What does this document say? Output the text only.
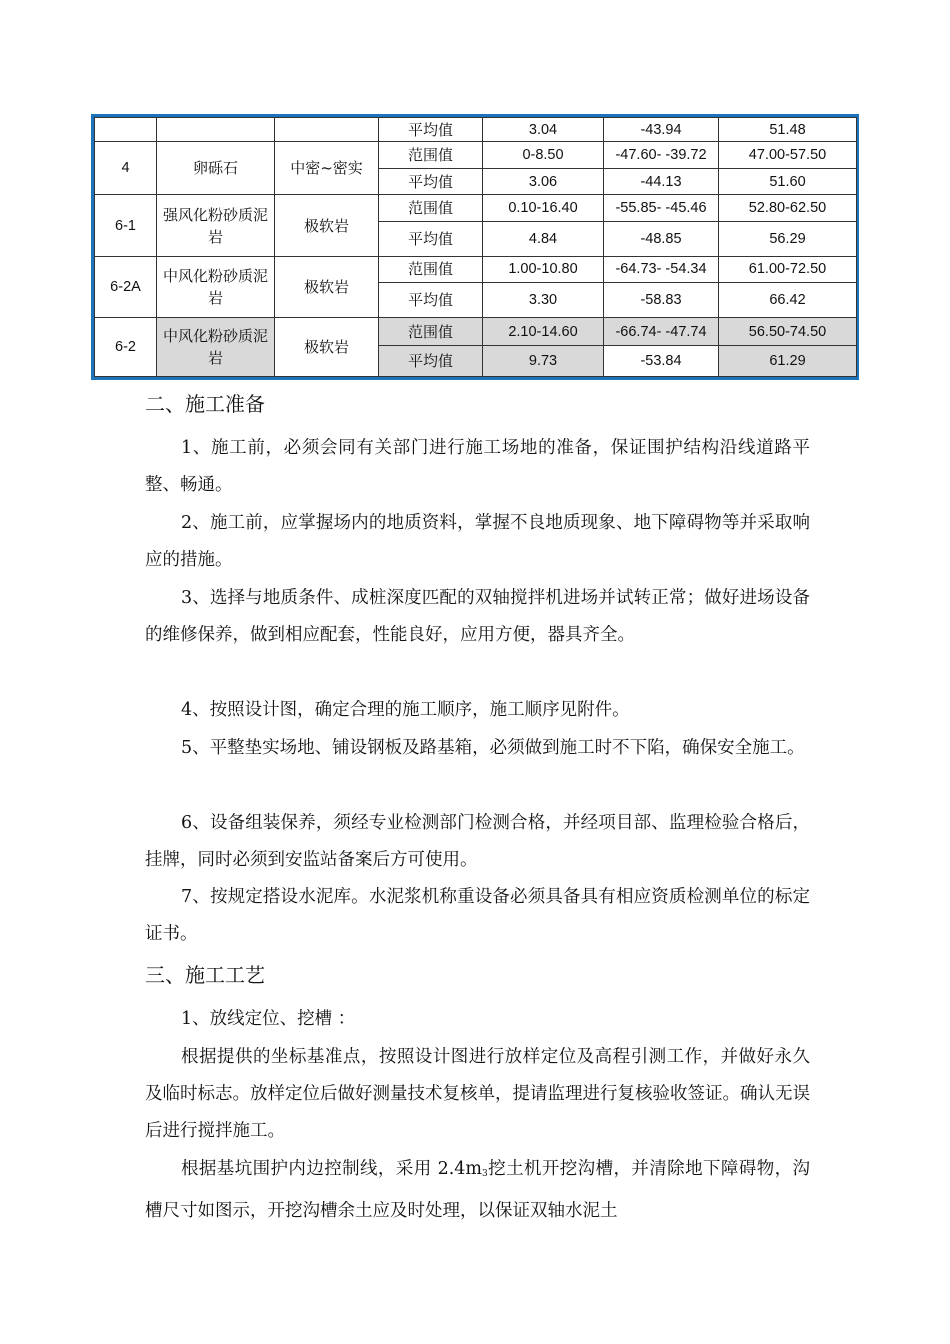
			平均值	3.04	-43.94	51.48
4	卵砾石	中密~密实	范围值	0-8.50	-47.60- -39.72	47.00-57.50
			平均值	3.06	-44.13	51.60
6-1	强风化粉砂质泥岩	极软岩	范围值	0.10-16.40	-55.85- -45.46	52.80-62.50
			平均值	4.84	-48.85	56.29
6-2A	中风化粉砂质泥岩	极软岩	范围值	1.00-10.80	-64.73- -54.34	61.00-72.50
			平均值	3.30	-58.83	66.42
6-2	中风化粉砂质泥岩	极软岩	范围值	2.10-14.60	-66.74- -47.74	56.50-74.50
			平均值	9.73	-53.84	61.29
二、施工准备

1、施工前，必须会同有关部门进行施工场地的准备，保证围护结构沿线道路平整、畅通。

2、施工前，应掌握场内的地质资料，掌握不良地质现象、地下障碍物等并采取响应的措施。

3、选择与地质条件、成桩深度匹配的双轴搅拌机进场并试转正常；做好进场设备的维修保养，做到相应配套，性能良好，应用方便，器具齐全。

4、按照设计图，确定合理的施工顺序，施工顺序见附件。

5、平整垫实场地、铺设钢板及路基箱，必须做到施工时不下陷，确保安全施工。

6、设备组装保养，须经专业检测部门检测合格，并经项目部、监理检验合格后，挂牌，同时必须到安监站备案后方可使用。

7、按规定搭设水泥库。水泥浆机称重设备必须具备具有相应资质检测单位的标定证书。

三、施工工艺

1、放线定位、挖槽 ：

根据提供的坐标基准点，按照设计图进行放样定位及高程引测工作，并做好永久及临时标志。放样定位后做好测量技术复核单，提请监理进行复核验收签证。确认无误后进行搅拌施工。

根据基坑围护内边控制线，采用 $2.4m_3$挖土机开挖沟槽，并清除地下障碍物，沟槽尺寸如图示，开挖沟槽余土应及时处理，以保证双轴水泥土
